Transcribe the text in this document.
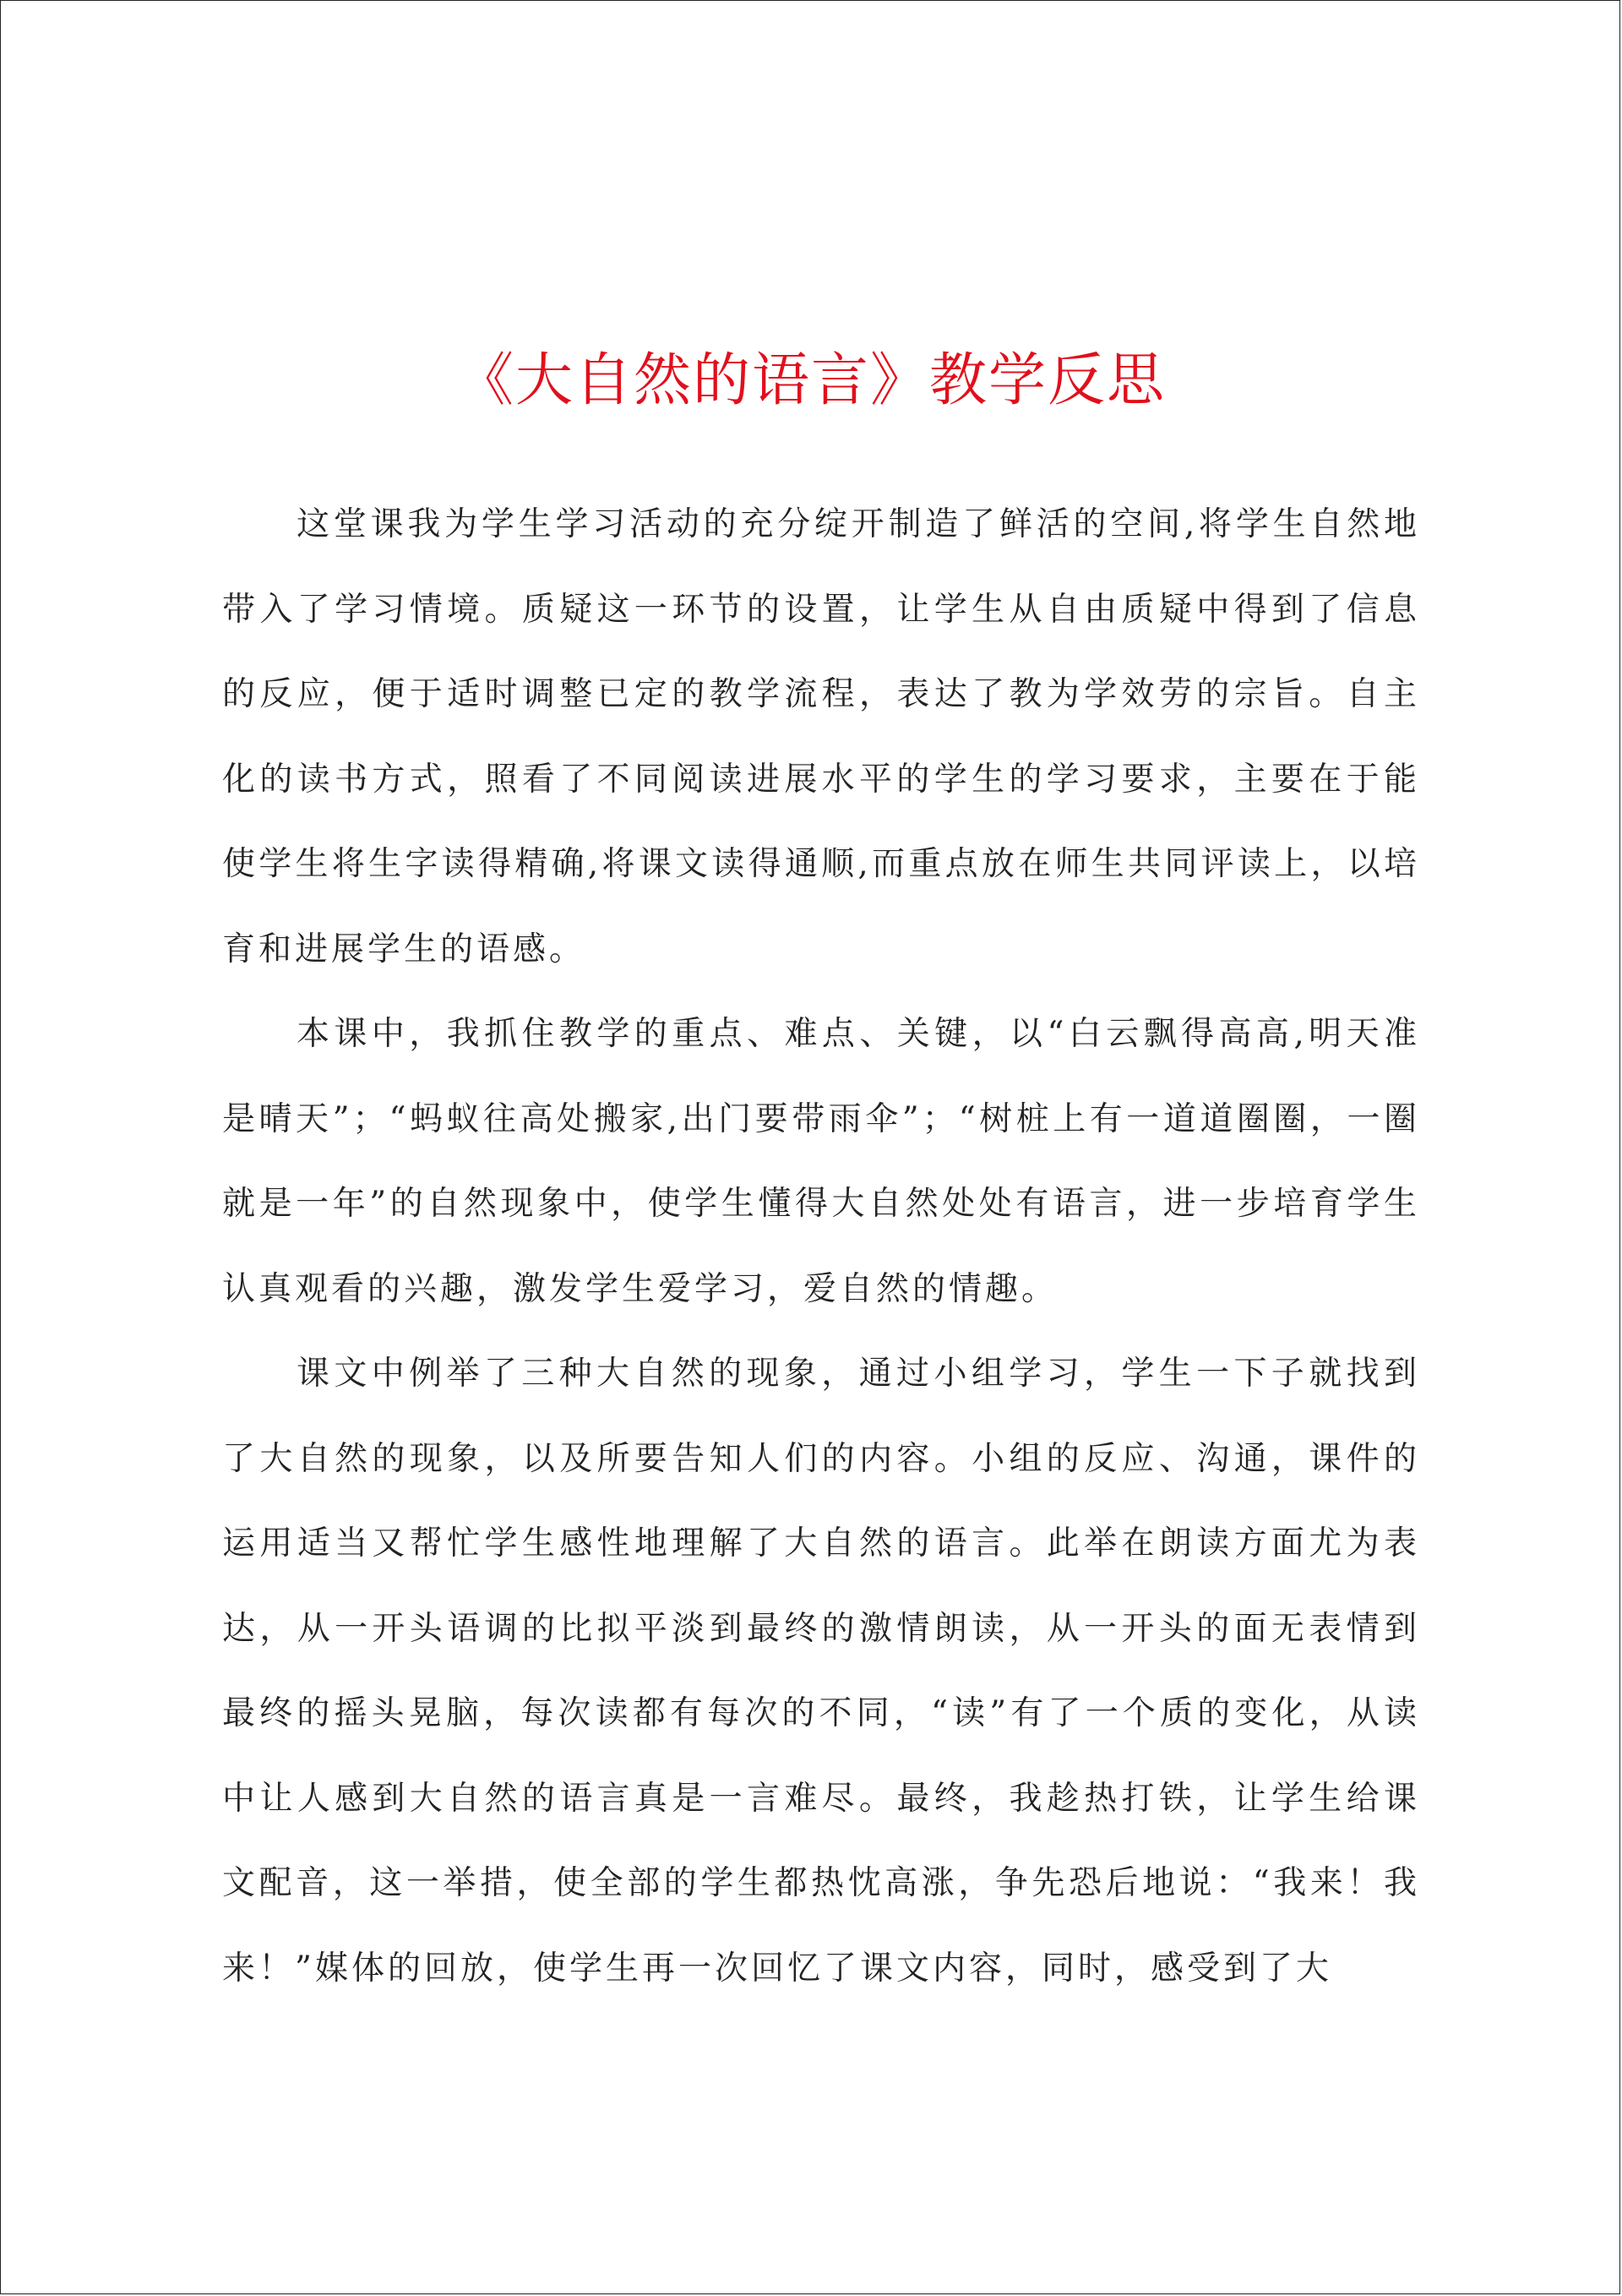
《大自然的语言》教学反思

这堂课我为学生学习活动的充分绽开制造了鲜活的空间,将学生自然地带入了学习情境。质疑这一环节的设置，让学生从自由质疑中得到了信息的反应，便于适时调整已定的教学流程，表达了教为学效劳的宗旨。自主化的读书方式，照看了不同阅读进展水平的学生的学习要求，主要在于能使学生将生字读得精确,将课文读得通顺,而重点放在师生共同评读上，以培育和进展学生的语感。

本课中，我抓住教学的重点、难点、关键，以“白云飘得高高,明天准是晴天”；“蚂蚁往高处搬家,出门要带雨伞”；“树桩上有一道道圈圈，一圈就是一年”的自然现象中，使学生懂得大自然处处有语言，进一步培育学生认真观看的兴趣，激发学生爱学习，爱自然的情趣。

课文中例举了三种大自然的现象，通过小组学习，学生一下子就找到了大自然的现象，以及所要告知人们的内容。小组的反应、沟通，课件的运用适当又帮忙学生感性地理解了大自然的语言。此举在朗读方面尤为表达，从一开头语调的比拟平淡到最终的激情朗读，从一开头的面无表情到最终的摇头晃脑，每次读都有每次的不同，“读”有了一个质的变化，从读中让人感到大自然的语言真是一言难尽。最终，我趁热打铁，让学生给课文配音，这一举措，使全部的学生都热忱高涨，争先恐后地说：“我来！我来！”媒体的回放，使学生再一次回忆了课文内容，同时，感受到了大
